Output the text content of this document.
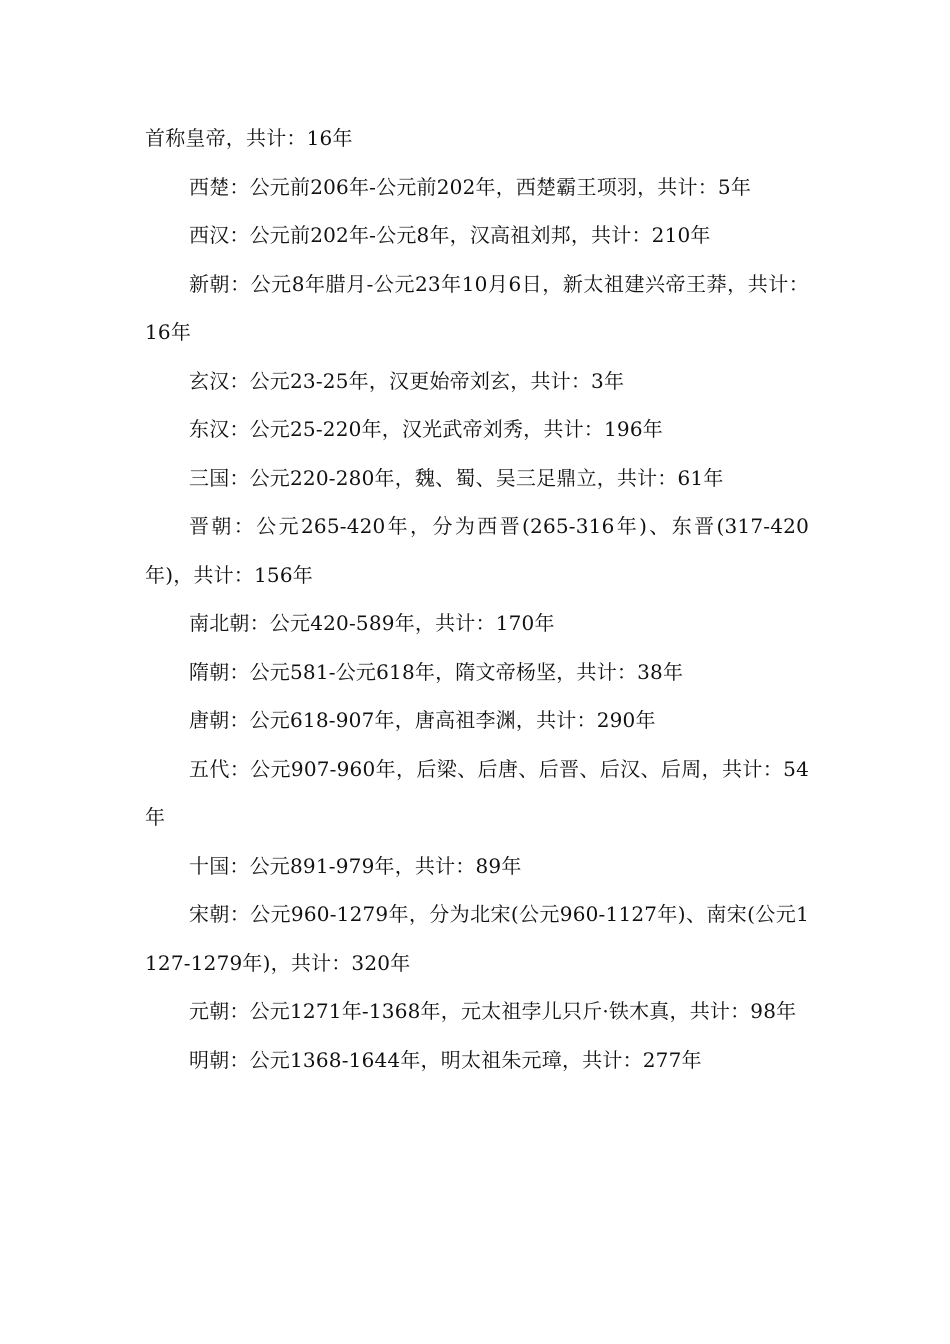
首称皇帝，共计：16年

西楚：公元前206年-公元前202年，西楚霸王项羽，共计：5年

西汉：公元前202年-公元8年，汉高祖刘邦，共计：210年

新朝：公元8年腊月-公元23年10月6日，新太祖建兴帝王莽，共计：16年

玄汉：公元23-25年，汉更始帝刘玄，共计：3年

东汉：公元25-220年，汉光武帝刘秀，共计：196年

三国：公元220-280年，魏、蜀、吴三足鼎立，共计：61年

晋朝：公元265-420年，分为西晋(265-316年)、东晋(317-420年)，共计：156年

南北朝：公元420-589年，共计：170年

隋朝：公元581-公元618年，隋文帝杨坚，共计：38年

唐朝：公元618-907年，唐高祖李渊，共计：290年

五代：公元907-960年，后梁、后唐、后晋、后汉、后周，共计：54年

十国：公元891-979年，共计：89年

宋朝：公元960-1279年，分为北宋(公元960-1127年)、南宋(公元1127-1279年)，共计：320年

元朝：公元1271年-1368年，元太祖孛儿只斤·铁木真，共计：98年

明朝：公元1368-1644年，明太祖朱元璋，共计：277年
